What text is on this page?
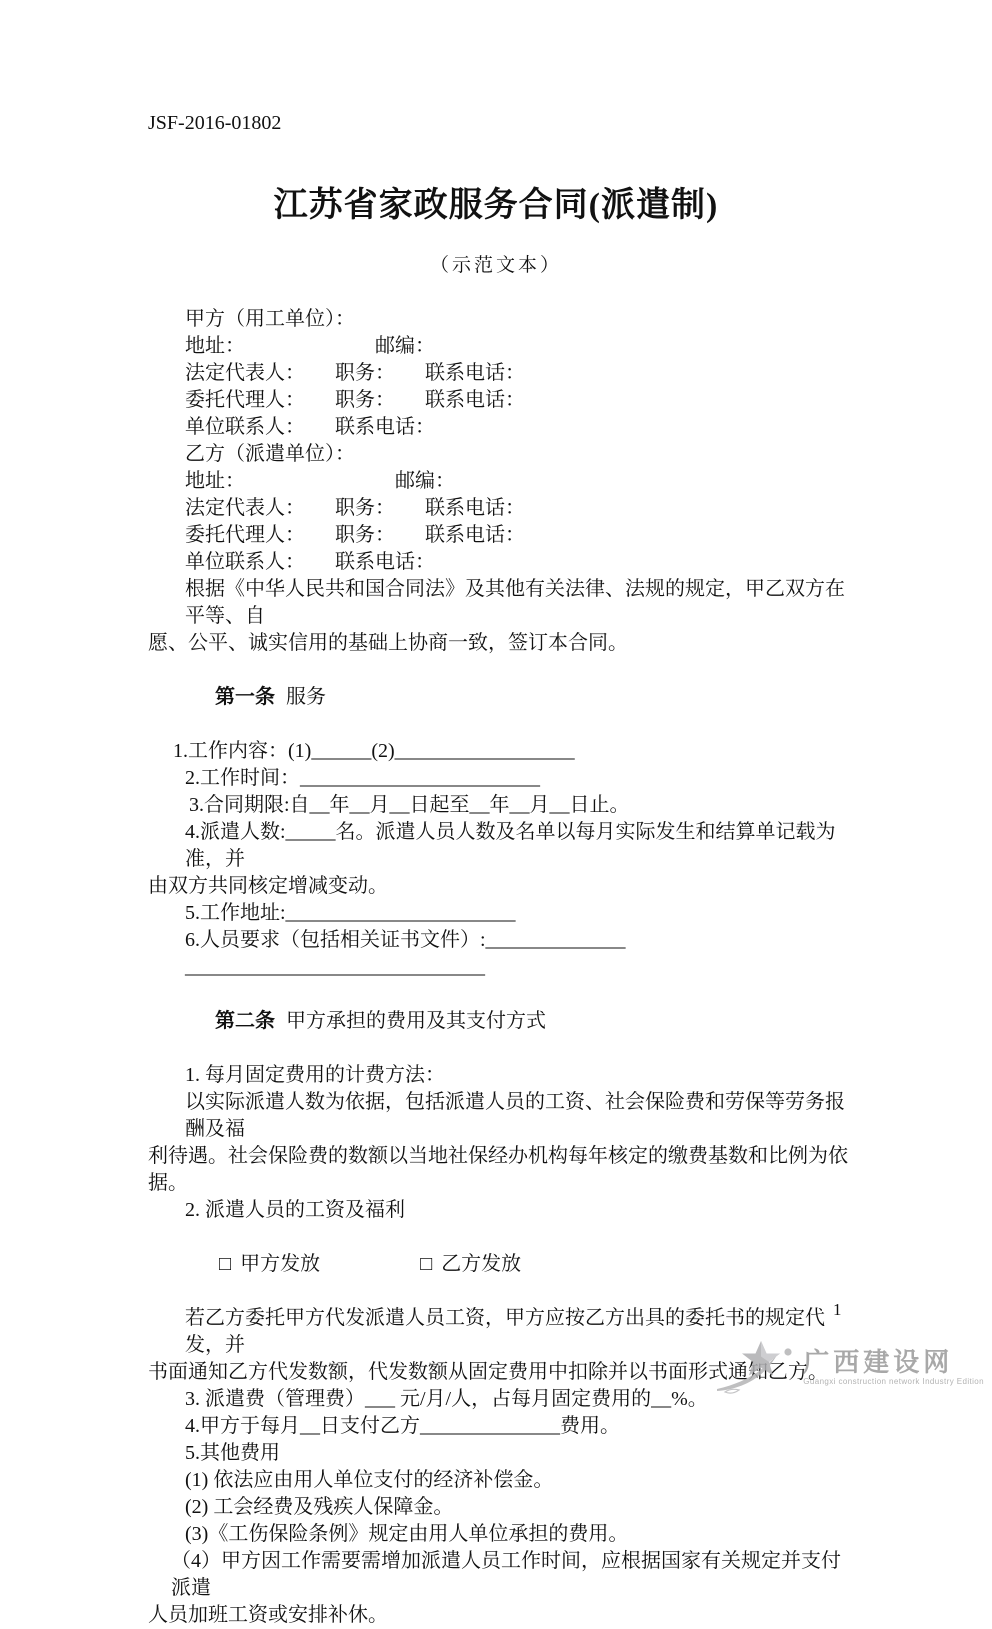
JSF-2016-01802
江苏省家政服务合同(派遣制)
（示范文本）
甲方（用工单位）：
地址：　　　　　　　邮编：
法定代表人：　　职务：　　联系电话：
委托代理人：　　职务：　　联系电话：
单位联系人：　　联系电话：
乙方（派遣单位）：
地址：　　　　　　　　邮编：
法定代表人：　　职务：　　联系电话：
委托代理人：　　职务：　　联系电话：
单位联系人：　　联系电话：
根据《中华人民共和国合同法》及其他有关法律、法规的规定，甲乙双方在平等、自
愿、公平、诚实信用的基础上协商一致，签订本合同。

第一条 服务

1.工作内容：(1)______(2)__________________
2.工作时间：________________________
3.合同期限:自__年__月__日起至__年__月__日止。
4.派遣人数:_____名。派遣人员人数及名单以每月实际发生和结算单记载为准，并
由双方共同核定增减变动。
5.工作地址:_______________________
6.人员要求（包括相关证书文件）:______________
______________________________

第二条 甲方承担的费用及其支付方式

1. 每月固定费用的计费方法：
以实际派遣人数为依据，包括派遣人员的工资、社会保险费和劳保等劳务报酬及福
利待遇。社会保险费的数额以当地社保经办机构每年核定的缴费基数和比例为依据。
2. 派遣人员的工资及福利

□ 甲方发放	□ 乙方发放

若乙方委托甲方代发派遣人员工资，甲方应按乙方出具的委托书的规定代发，并
书面通知乙方代发数额，代发数额从固定费用中扣除并以书面形式通知乙方。
3. 派遣费（管理费）___ 元/月/人，占每月固定费用的__%。
4.甲方于每月__日支付乙方______________费用。
5.其他费用
(1) 依法应由用人单位支付的经济补偿金。
(2) 工会经费及残疾人保障金。
(3)《工伤保险条例》规定由用人单位承担的费用。
（4）甲方因工作需要需增加派遣人员工作时间，应根据国家有关规定并支付派遣
人员加班工资或安排补休。
1
广西建设网
Guangxi construction network Industry Edition
